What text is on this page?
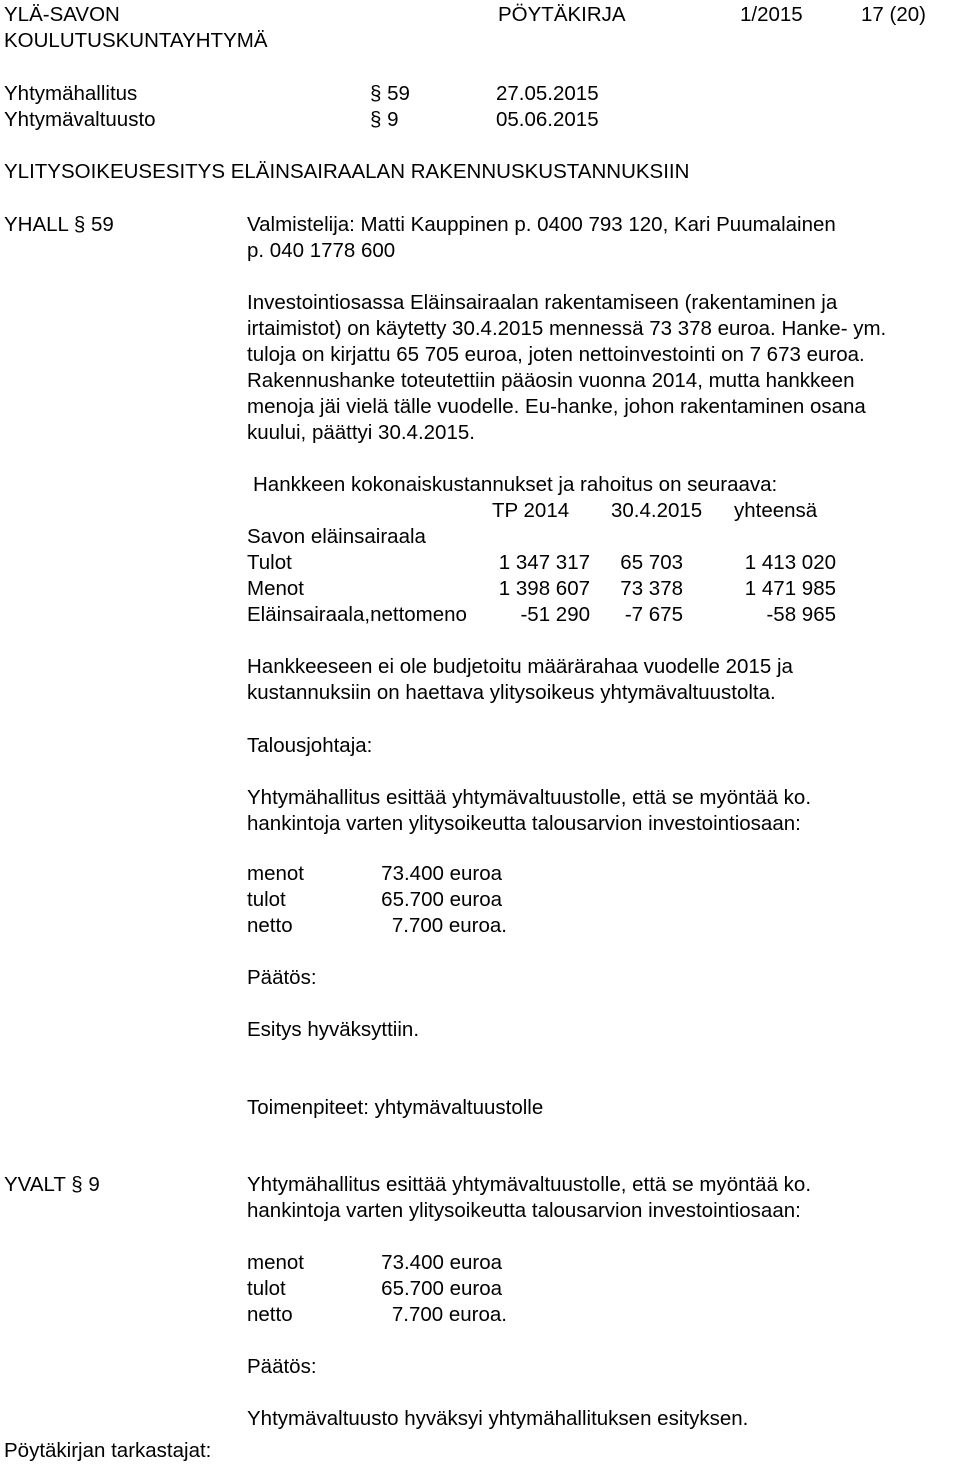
YLÄ-SAVON
KOULUTUSKUNTAYHTYMÄ
PÖYTÄKIRJA	1/2015	17 (20)
Yhtymähallitus	§ 59	27.05.2015
Yhtymävaltuusto	§ 9	05.06.2015
YLITYSOIKEUSESITYS ELÄINSAIRAALAN RAKENNUSKUSTANNUKSIIN
YHALL § 59	Valmistelija: Matti Kauppinen p. 0400 793 120, Kari Puumalainen
p. 040 1778 600
Investointiosassa Eläinsairaalan rakentamiseen (rakentaminen ja
irtaimistot) on käytetty 30.4.2015 mennessä 73 378 euroa. Hanke- ym.
tuloja on kirjattu 65 705 euroa, joten nettoinvestointi on 7 673 euroa.
Rakennushanke toteutettiin pääosin vuonna 2014, mutta hankkeen
menoja jäi vielä tälle vuodelle. Eu-hanke, johon rakentaminen osana
kuului, päättyi 30.4.2015.
Hankkeen kokonaiskustannukset ja rahoitus on seuraava:
TP 2014 30.4.2015 yhteensä
Savon eläinsairaala
Tulot	1 347 317	65 703	1 413 020
Menot	1 398 607	73 378	1 471 985
Eläinsairaala,nettomeno	-51 290	-7 675	-58 965
Hankkeeseen ei ole budjetoitu määrärahaa vuodelle 2015 ja
kustannuksiin on haettava ylitysoikeus yhtymävaltuustolta.
Talousjohtaja:
Yhtymähallitus esittää yhtymävaltuustolle, että se myöntää ko.
hankintoja varten ylitysoikeutta talousarvion investointiosaan:
menot	73.400 euroa
tulot	65.700 euroa
netto	7.700 euroa.
Päätös:
Esitys hyväksyttiin.
Toimenpiteet: yhtymävaltuustolle
YVALT § 9	Yhtymähallitus esittää yhtymävaltuustolle, että se myöntää ko.
hankintoja varten ylitysoikeutta talousarvion investointiosaan:
menot	73.400 euroa
tulot	65.700 euroa
netto	7.700 euroa.
Päätös:
Yhtymävaltuusto hyväksyi yhtymähallituksen esityksen.
Pöytäkirjan tarkastajat:
